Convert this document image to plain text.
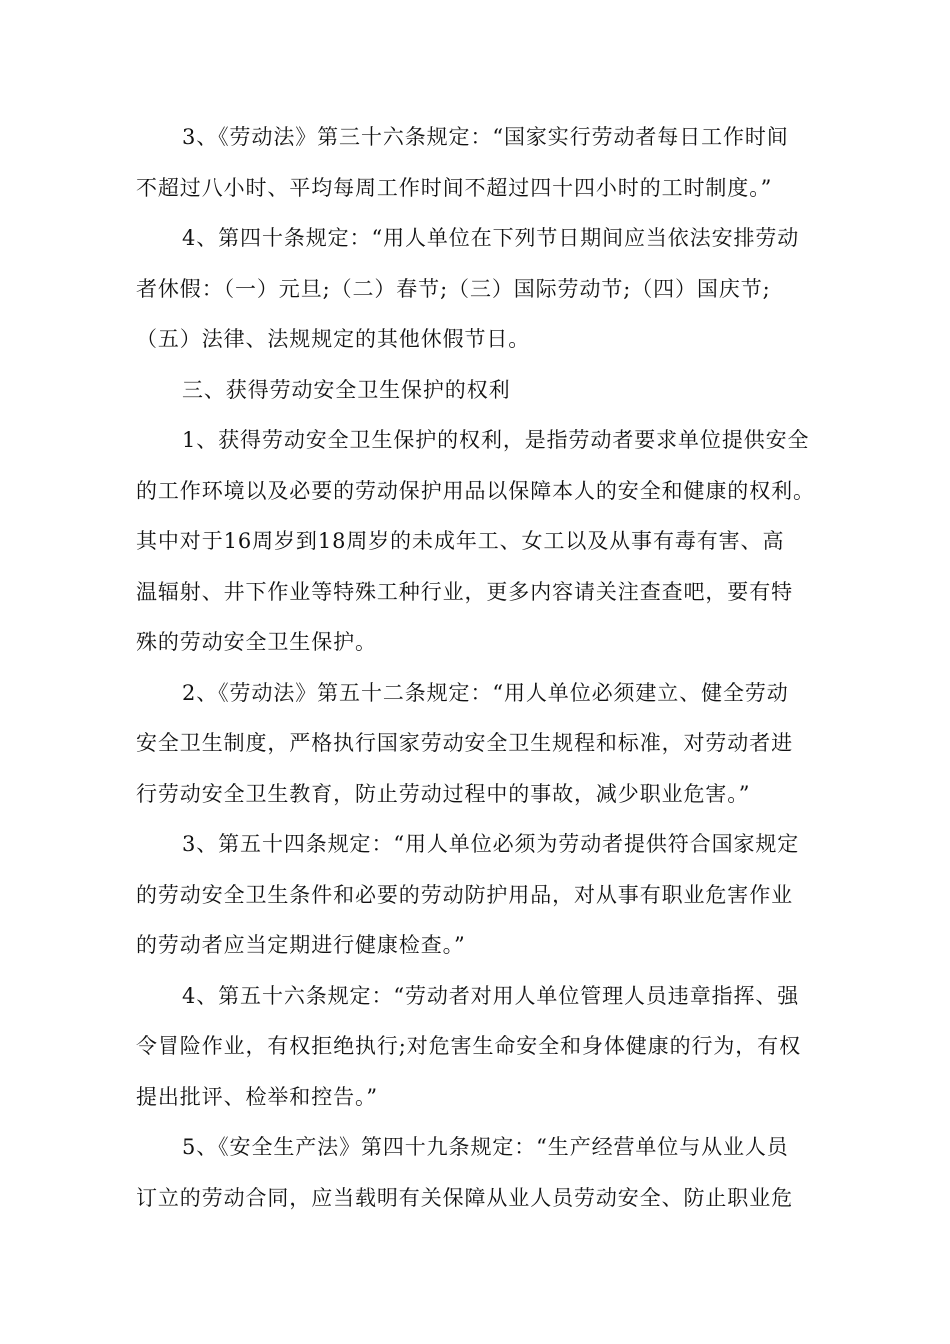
3、《劳动法》第三十六条规定：“国家实行劳动者每日工作时间
不超过八小时、平均每周工作时间不超过四十四小时的工时制度。”
4、第四十条规定：“用人单位在下列节日期间应当依法安排劳动
者休假：（一）元旦;（二）春节;（三）国际劳动节;（四）国庆节;
（五）法律、法规规定的其他休假节日。
三、获得劳动安全卫生保护的权利
1、获得劳动安全卫生保护的权利，是指劳动者要求单位提供安全
的工作环境以及必要的劳动保护用品以保障本人的安全和健康的权利。
其中对于16周岁到18周岁的未成年工、女工以及从事有毒有害、高
温辐射、井下作业等特殊工种行业，更多内容请关注查查吧，要有特
殊的劳动安全卫生保护。
2、《劳动法》第五十二条规定：“用人单位必须建立、健全劳动
安全卫生制度，严格执行国家劳动安全卫生规程和标准，对劳动者进
行劳动安全卫生教育，防止劳动过程中的事故，减少职业危害。”
3、第五十四条规定：“用人单位必须为劳动者提供符合国家规定
的劳动安全卫生条件和必要的劳动防护用品，对从事有职业危害作业
的劳动者应当定期进行健康检查。”
4、第五十六条规定：“劳动者对用人单位管理人员违章指挥、强
令冒险作业，有权拒绝执行;对危害生命安全和身体健康的行为，有权
提出批评、检举和控告。”
5、《安全生产法》第四十九条规定：“生产经营单位与从业人员
订立的劳动合同，应当载明有关保障从业人员劳动安全、防止职业危
